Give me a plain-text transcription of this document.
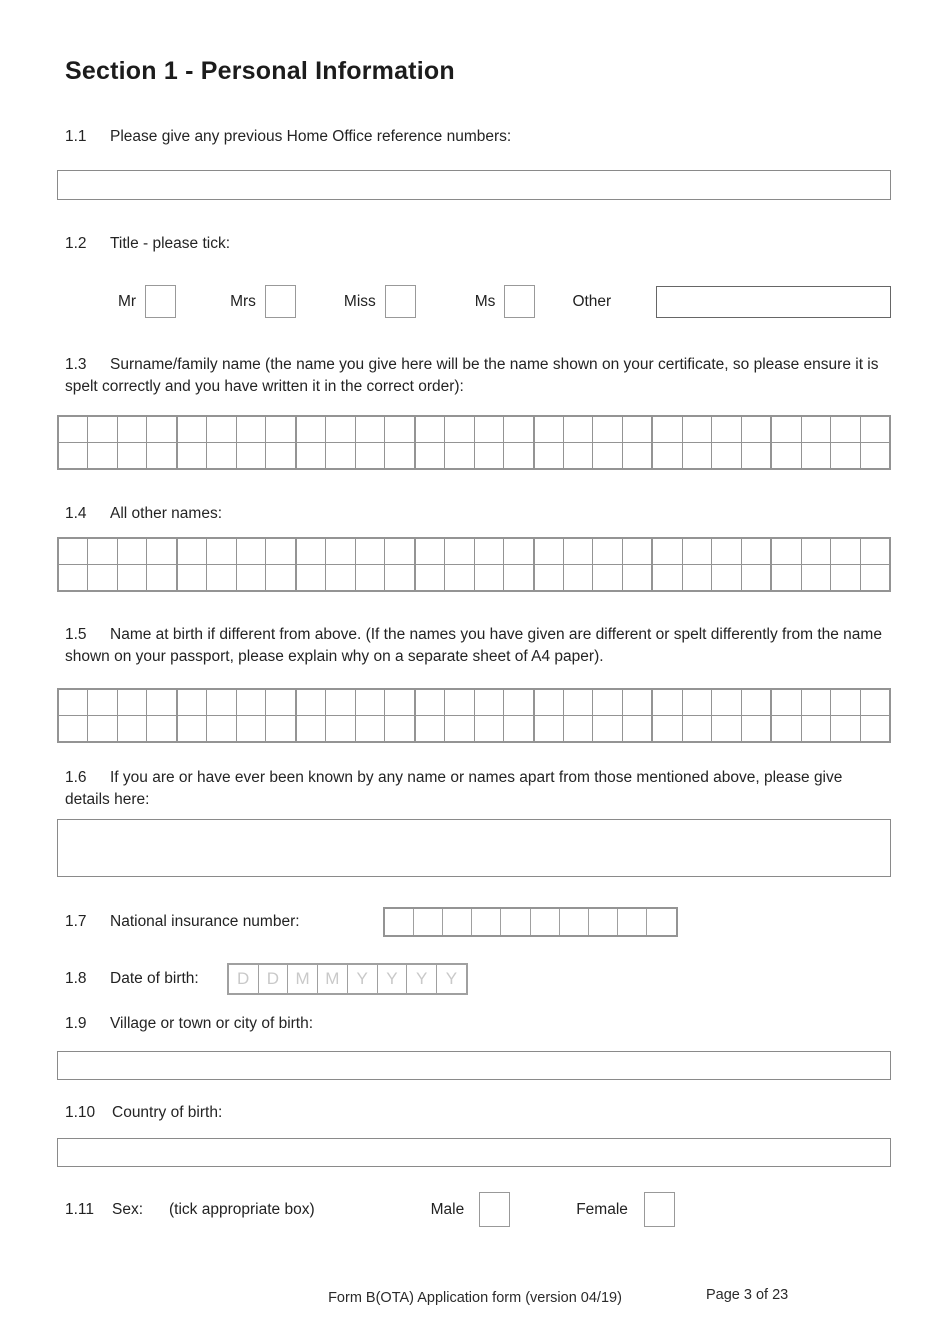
Section 1 - Personal Information

1.1 Please give any previous Home Office reference numbers:

1.2 Title - please tick:

Mr	Mrs	Miss	Ms	Other

1.3 Surname/family name (the name you give here will be the name shown on your certificate, so please ensure it is spelt correctly and you have written it in the correct order):

1.4 All other names:

1.5 Name at birth if different from above. (If the names you have given are different or spelt differently from the name shown on your passport, please explain why on a separate sheet of A4 paper).

1.6 If you are or have ever been known by any name or names apart from those mentioned above, please give details here:

1.7 National insurance number:
1.8 Date of birth:	D	D M M	Y	Y	Y	Y

1.9 Village or town or city of birth:

1.10 Country of birth:

1.11 Sex: (tick appropriate box)	Male	Female
Form B(OTA) Application form (version 04/19)	Page 3 of 23
